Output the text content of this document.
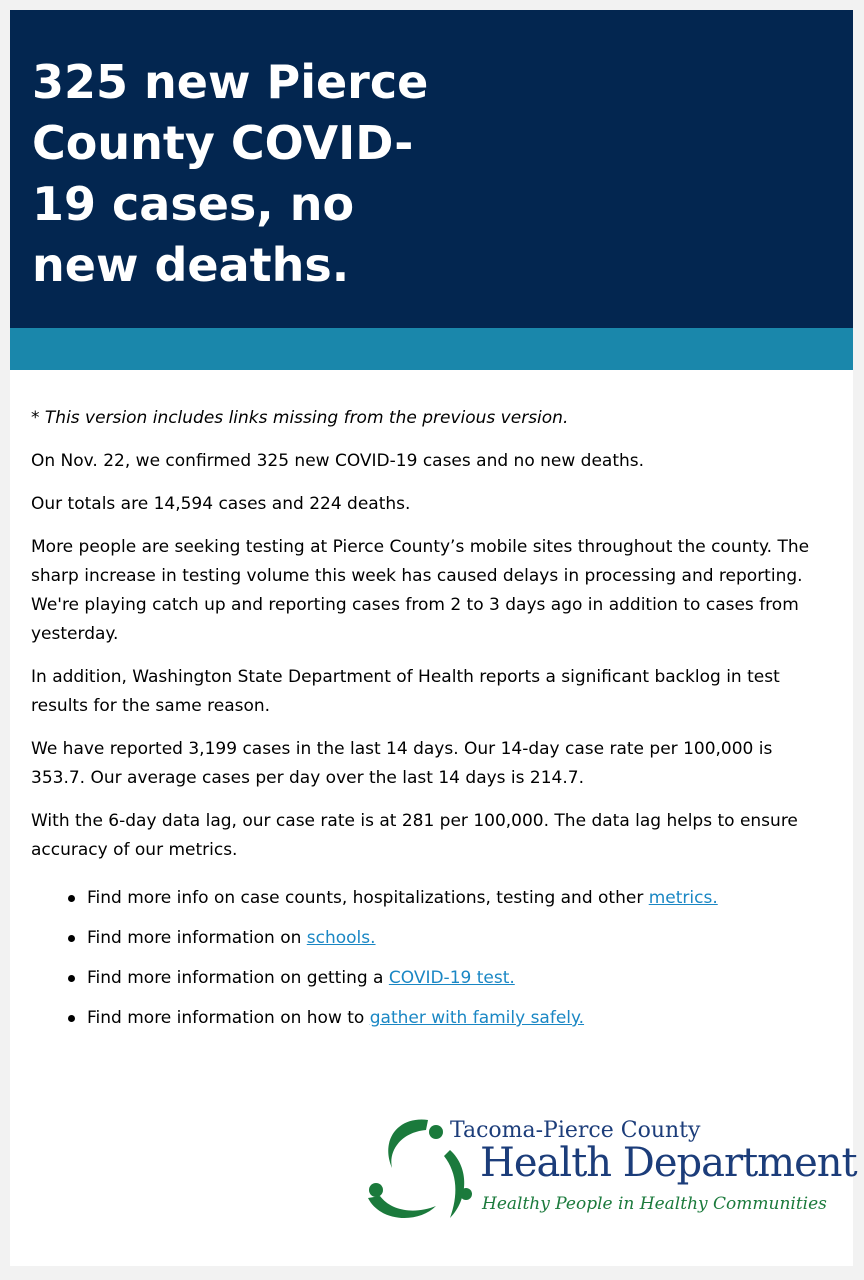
325 new Pierce County COVID-19 cases, no new deaths.

* This version includes links missing from the previous version.

On Nov. 22, we confirmed 325 new COVID-19 cases and no new deaths.

Our totals are 14,594 cases and 224 deaths.

More people are seeking testing at Pierce County’s mobile sites throughout the county. The sharp increase in testing volume this week has caused delays in processing and reporting. We're playing catch up and reporting cases from 2 to 3 days ago in addition to cases from yesterday.

In addition, Washington State Department of Health reports a significant backlog in test results for the same reason.

We have reported 3,199 cases in the last 14 days. Our 14-day case rate per 100,000 is 353.7. Our average cases per day over the last 14 days is 214.7.

With the 6-day data lag, our case rate is at 281 per 100,000. The data lag helps to ensure accuracy of our metrics.

Find more info on case counts, hospitalizations, testing and other metrics.
Find more information on schools.
Find more information on getting a COVID-19 test.
Find more information on how to gather with family safely.
Tacoma-Pierce County
Health Department
Healthy People in Healthy Communities
